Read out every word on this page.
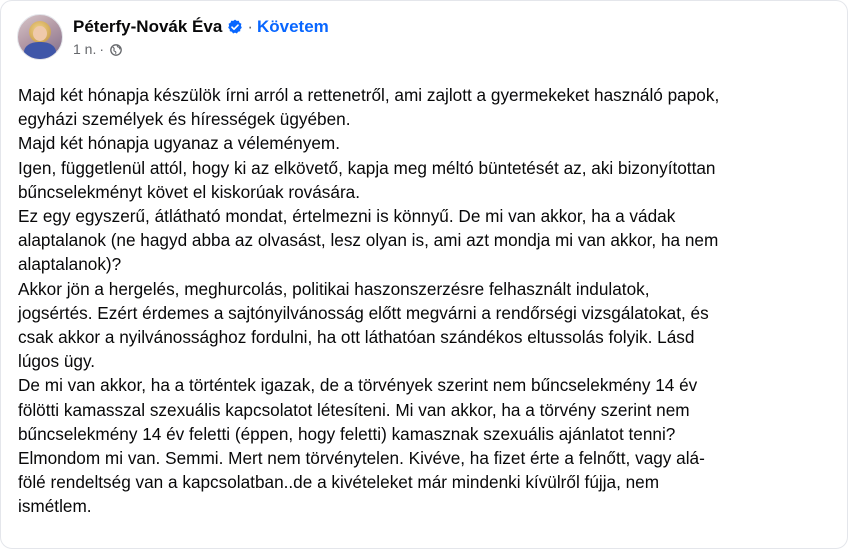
Péterfy-Novák Éva · Követem
1 n. ·

Majd két hónapja készülök írni arról a rettenetről, ami zajlott a gyermekeket használó papok,

egyházi személyek és hírességek ügyében.

Majd két hónapja ugyanaz a véleményem.

Igen, függetlenül attól, hogy ki az elkövető, kapja meg méltó büntetését az, aki bizonyítottan

bűncselekményt követ el kiskorúak rovására.

Ez egy egyszerű, átlátható mondat, értelmezni is könnyű. De mi van akkor, ha a vádak

alaptalanok (ne hagyd abba az olvasást, lesz olyan is, ami azt mondja mi van akkor, ha nem

alaptalanok)?

Akkor jön a hergelés, meghurcolás, politikai haszonszerzésre felhasznált indulatok,

jogsértés. Ezért érdemes a sajtónyilvánosság előtt megvárni a rendőrségi vizsgálatokat, és

csak akkor a nyilvánossághoz fordulni, ha ott láthatóan szándékos eltussolás folyik. Lásd

lúgos ügy.

De mi van akkor, ha a történtek igazak, de a törvények szerint nem bűncselekmény 14 év

fölötti kamasszal szexuális kapcsolatot létesíteni. Mi van akkor, ha a törvény szerint nem

bűncselekmény 14 év feletti (éppen, hogy feletti) kamasznak szexuális ajánlatot tenni?

Elmondom mi van. Semmi. Mert nem törvénytelen. Kivéve, ha fizet érte a felnőtt, vagy alá-

fölé rendeltség van a kapcsolatban..de a kivételeket már mindenki kívülről fújja, nem

ismétlem.
